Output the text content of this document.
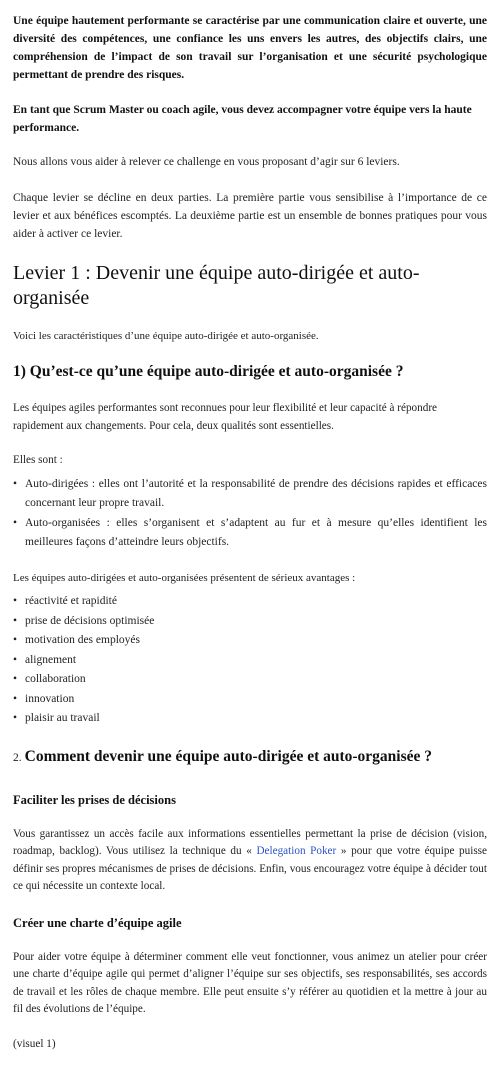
Une équipe hautement performante se caractérise par une communication claire et ouverte, une diversité des compétences, une confiance les uns envers les autres, des objectifs clairs, une compréhension de l’impact de son travail sur l’organisation et une sécurité psychologique permettant de prendre des risques.

En tant que Scrum Master ou coach agile, vous devez accompagner votre équipe vers la haute performance.

Nous allons vous aider à relever ce challenge en vous proposant d’agir sur 6 leviers.

Chaque levier se décline en deux parties. La première partie vous sensibilise à l’importance de ce levier et aux bénéfices escomptés. La deuxième partie est un ensemble de bonnes pratiques pour vous aider à activer ce levier.

Levier 1 : Devenir une équipe auto-dirigée et auto-organisée

Voici les caractéristiques d’une équipe auto-dirigée et auto-organisée.

1) Qu’est-ce qu’une équipe auto-dirigée et auto-organisée ?

Les équipes agiles performantes sont reconnues pour leur flexibilité et leur capacité à répondre rapidement aux changements. Pour cela, deux qualités sont essentielles.

Elles sont :

• Auto-dirigées : elles ont l’autorité et la responsabilité de prendre des décisions rapides et efficaces concernant leur propre travail.
• Auto-organisées : elles s’organisent et s’adaptent au fur et à mesure qu’elles identifient les meilleures façons d’atteindre leurs objectifs.

Les équipes auto-dirigées et auto-organisées présentent de sérieux avantages :

• réactivité et rapidité
• prise de décisions optimisée
• motivation des employés
• alignement
• collaboration
• innovation
• plaisir au travail
2. Comment devenir une équipe auto-dirigée et auto-organisée ?
Faciliter les prises de décisions

Vous garantissez un accès facile aux informations essentielles permettant la prise de décision (vision, roadmap, backlog). Vous utilisez la technique du « Delegation Poker » pour que votre équipe puisse définir ses propres mécanismes de prises de décisions. Enfin, vous encouragez votre équipe à décider tout ce qui nécessite un contexte local.

Créer une charte d’équipe agile

Pour aider votre équipe à déterminer comment elle veut fonctionner, vous animez un atelier pour créer une charte d’équipe agile qui permet d’aligner l’équipe sur ses objectifs, ses responsabilités, ses accords de travail et les rôles de chaque membre. Elle peut ensuite s’y référer au quotidien et la mettre à jour au fil des évolutions de l’équipe.

(visuel 1)
